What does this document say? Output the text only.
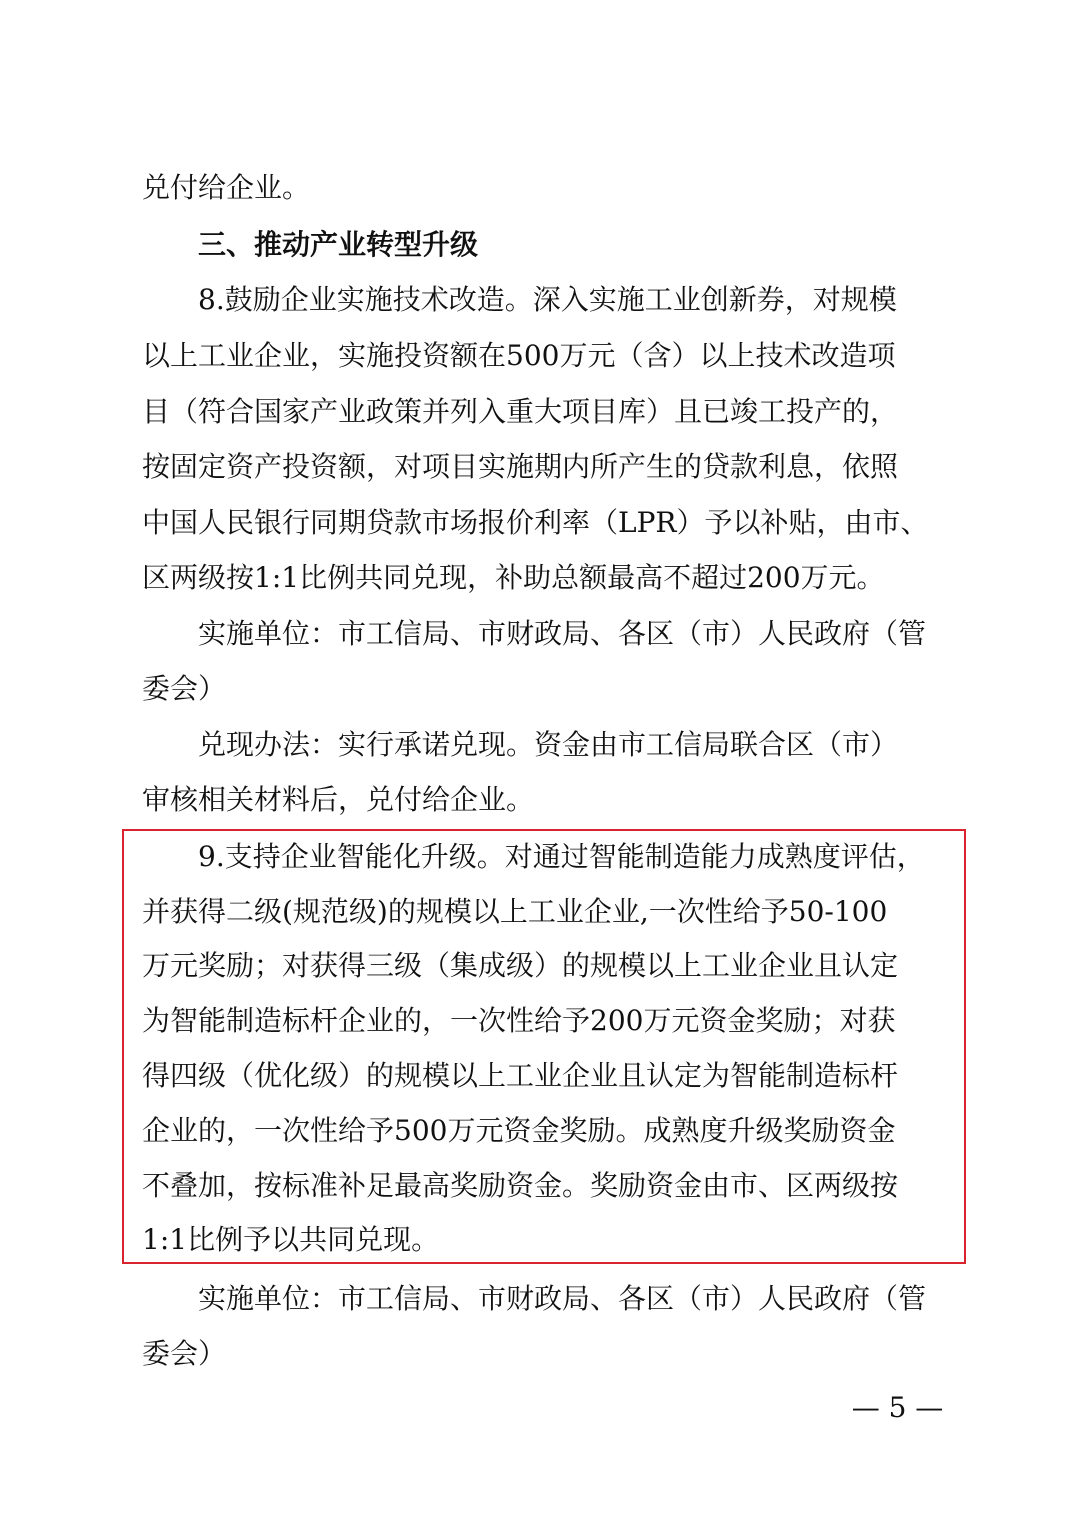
兑付给企业。
三、推动产业转型升级
8.鼓励企业实施技术改造。深入实施工业创新券，对规模
以上工业企业，实施投资额在500万元（含）以上技术改造项
目（符合国家产业政策并列入重大项目库）且已竣工投产的，
按固定资产投资额，对项目实施期内所产生的贷款利息，依照
中国人民银行同期贷款市场报价利率（LPR）予以补贴，由市、
区两级按1:1比例共同兑现，补助总额最高不超过200万元。
实施单位：市工信局、市财政局、各区（市）人民政府（管
委会）
兑现办法：实行承诺兑现。资金由市工信局联合区（市）
审核相关材料后，兑付给企业。
9.支持企业智能化升级。对通过智能制造能力成熟度评估，
并获得二级(规范级)的规模以上工业企业,一次性给予50-100
万元奖励；对获得三级（集成级）的规模以上工业企业且认定
为智能制造标杆企业的，一次性给予200万元资金奖励；对获
得四级（优化级）的规模以上工业企业且认定为智能制造标杆
企业的，一次性给予500万元资金奖励。成熟度升级奖励资金
不叠加，按标准补足最高奖励资金。奖励资金由市、区两级按
1:1比例予以共同兑现。
实施单位：市工信局、市财政局、各区（市）人民政府（管
委会）
— 5 —
